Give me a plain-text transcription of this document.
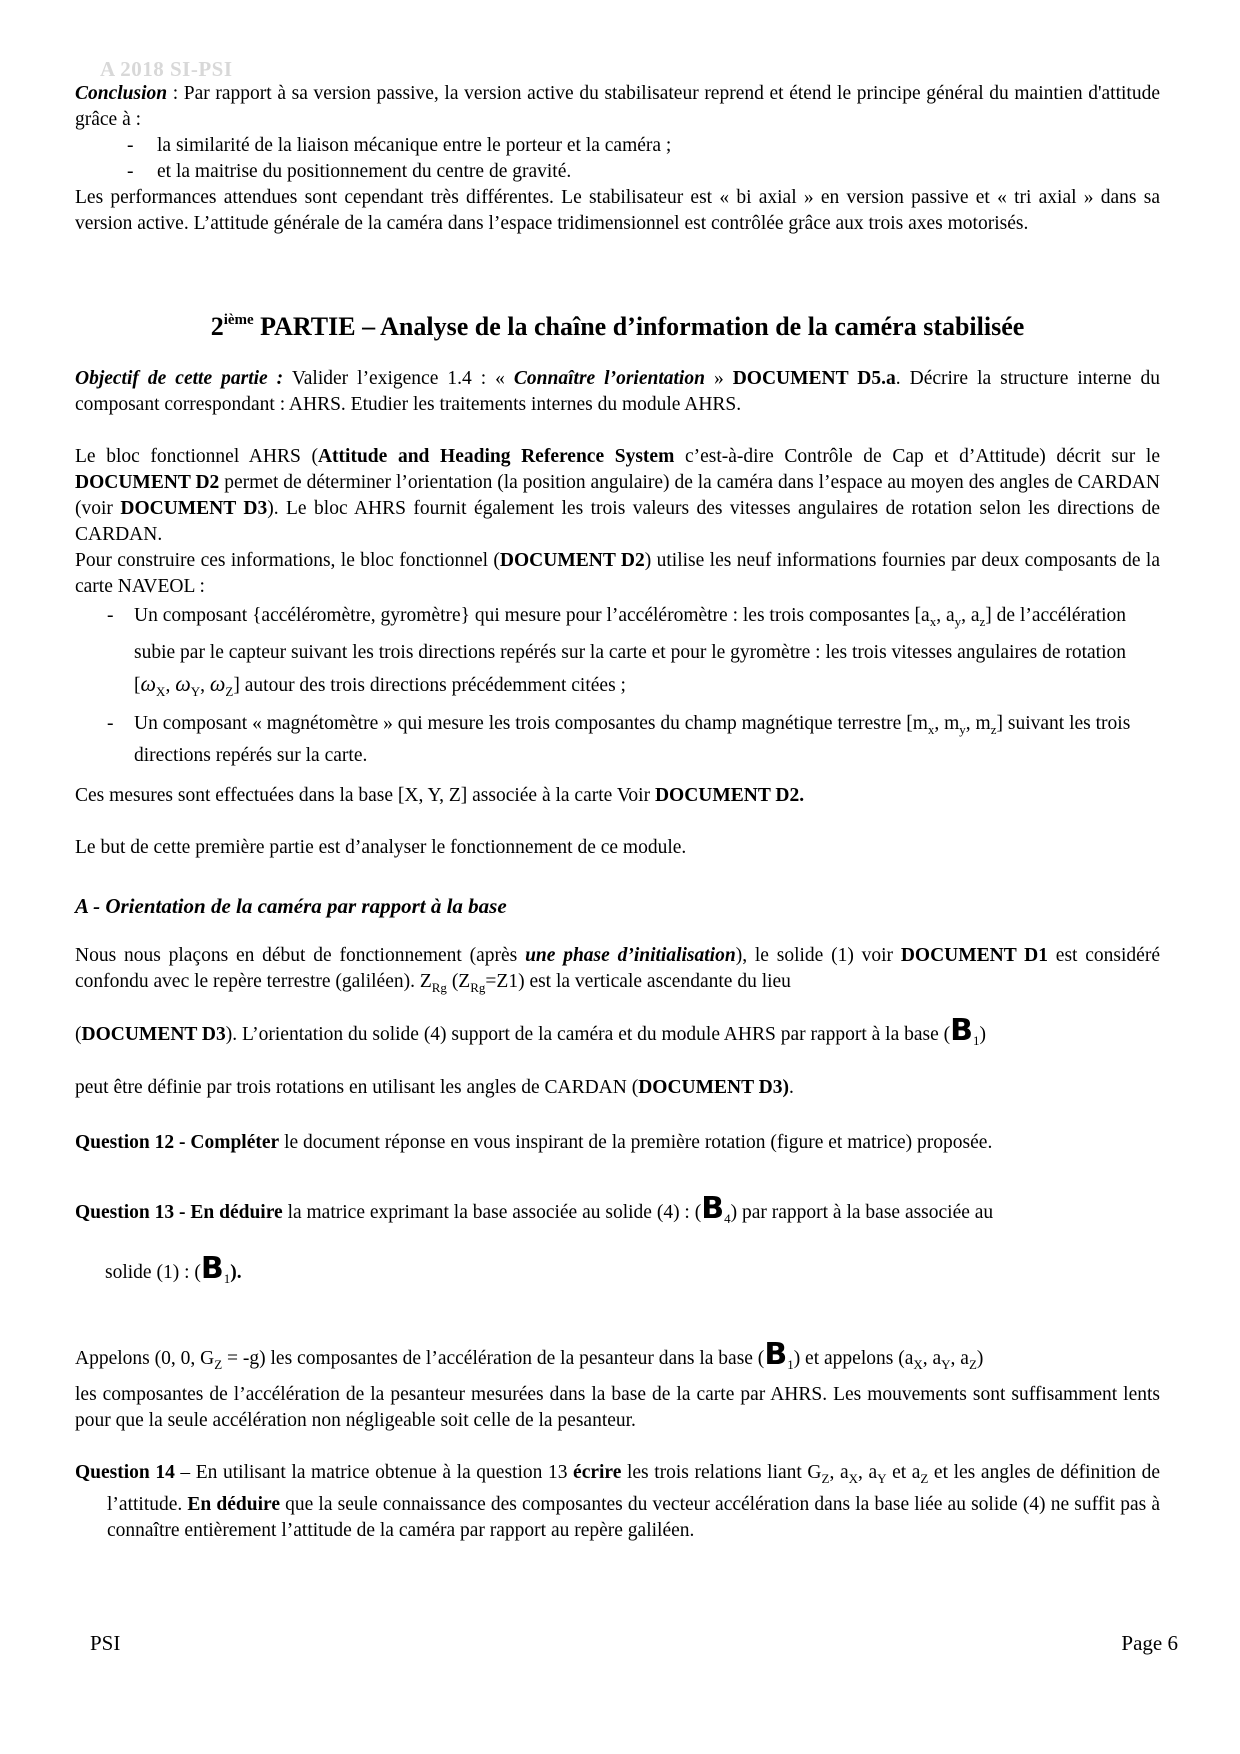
A 2018 SI-PSI

Conclusion : Par rapport à sa version passive, la version active du stabilisateur reprend et étend le principe général du maintien d'attitude grâce à :

- la similarité de la liaison mécanique entre le porteur et la caméra ;
- et la maitrise du positionnement du centre de gravité.

Les performances attendues sont cependant très différentes. Le stabilisateur est « bi axial » en version passive et « tri axial » dans sa version active. L’attitude générale de la caméra dans l’espace tridimensionnel est contrôlée grâce aux trois axes motorisés.

2ième PARTIE – Analyse de la chaîne d’information de la caméra stabilisée

Objectif de cette partie : Valider l’exigence 1.4 : « Connaître l’orientation » DOCUMENT D5.a. Décrire la structure interne du composant correspondant : AHRS. Etudier les traitements internes du module AHRS.

Le bloc fonctionnel AHRS (Attitude and Heading Reference System c’est-à-dire Contrôle de Cap et d’Attitude) décrit sur le DOCUMENT D2 permet de déterminer l’orientation (la position angulaire) de la caméra dans l’espace au moyen des angles de CARDAN (voir DOCUMENT D3). Le bloc AHRS fournit également les trois valeurs des vitesses angulaires de rotation selon les directions de CARDAN.

Pour construire ces informations, le bloc fonctionnel (DOCUMENT D2) utilise les neuf informations fournies par deux composants de la carte NAVEOL :

- Un composant {accéléromètre, gyromètre} qui mesure pour l’accéléromètre : les trois composantes [$a_x$, $a_y$, $a_z$] de l’accélération subie par le capteur suivant les trois directions repérés sur la carte et pour le gyromètre : les trois vitesses angulaires de rotation [$\omega_X$, $\omega_Y$, $\omega_Z$] autour des trois directions précédemment citées ;
- Un composant « magnétomètre » qui mesure les trois composantes du champ magnétique terrestre [$m_x$, $m_y$, $m_z$] suivant les trois directions repérés sur la carte.

Ces mesures sont effectuées dans la base [X, Y, Z] associée à la carte Voir DOCUMENT D2.

Le but de cette première partie est d’analyser le fonctionnement de ce module.

A - Orientation de la caméra par rapport à la base

Nous nous plaçons en début de fonctionnement (après une phase d’initialisation), le solide (1) voir DOCUMENT D1 est considéré confondu avec le repère terrestre (galiléen). $Z_{Rg}$ $(Z_{Rg}=Z1)$ est la verticale ascendante du lieu

(DOCUMENT D3). L’orientation du solide (4) support de la caméra et du module AHRS par rapport à la base $(B_1)$

peut être définie par trois rotations en utilisant les angles de CARDAN (DOCUMENT D3).

Question 12 - Compléter le document réponse en vous inspirant de la première rotation (figure et matrice) proposée.

Question 13 - En déduire la matrice exprimant la base associée au solide (4) : $(B_4)$ par rapport à la base associée au

solide (1) : $(B_1)$.

Appelons (0, 0, $G_Z = -g$) les composantes de l’accélération de la pesanteur dans la base $(B_1)$ et appelons ($a_X$, $a_Y$, $a_Z$)

les composantes de l’accélération de la pesanteur mesurées dans la base de la carte par AHRS. Les mouvements sont suffisamment lents pour que la seule accélération non négligeable soit celle de la pesanteur.

Question 14 – En utilisant la matrice obtenue à la question 13 écrire les trois relations liant $G_Z$, $a_X$, $a_Y$ et $a_Z$ et les angles de définition de l’attitude. En déduire que la seule connaissance des composantes du vecteur accélération dans la base liée au solide (4) ne suffit pas à connaître entièrement l’attitude de la caméra par rapport au repère galiléen.

PSI	Page 6
